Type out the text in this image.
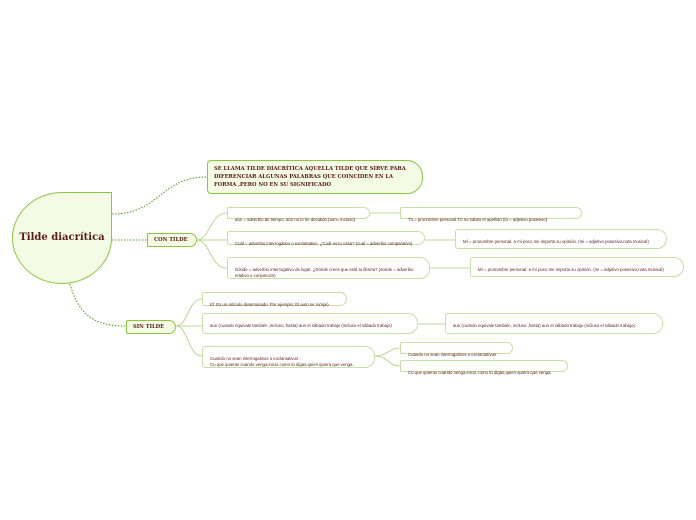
Tilde diacrítica
SE LLAMA TILDE DIACRÍTICA AQUELLA TILDE QUE SIRVE PARA DIFERENCIAR ALGUNAS PALABRAS QUE COINCIDEN EN LA FORMA ,PERO NO EN SU SIGNIFICADO
CON TILDE
SIN TILDE

aún = adverbio de tiempo. aún no lo he decidido (aun= incluso)	Tú = pronombre personal.Tú no sabes el apellido (tu = adjetivo posesivo)

Cuál = adverbio interrogativo o exclamativo. ¿Cuál es tu casa? (cual = adverbio comparativo)	Mí = pronombre personal. a mí poco me importa su opinión. (mi = adjetivo posesivo,nota musical)

Dónde = adverbio interrogativo de lugar. ¿Dónde crees que está tu libreta? (donde = adverbio relativo o conjunción)

Mí = pronombre personal. a mí poco me importa su opinión. (mi = adjetivo posesivo,nota musical)

El: Es un artículo determinado. Por ejemplo: El auto se rompió

aun (cuando equivale también ,incluso, hasta) aun el sábado trabajo (incluso el sábado trabajo)	aun (cuando equivale también, incluso ,hasta) aun el sábado trabajo (incluso el sábado trabajo).

Cuando no sean interrogativos o exclamativos :
Cu que quieras cuando venga,inicio como tú digas,quien quiera que venga.

Cuando no sean interrogativos o exclamativos :

Cu que quieras cuando venga,inicio como tú digas,quien quiera que venga.
